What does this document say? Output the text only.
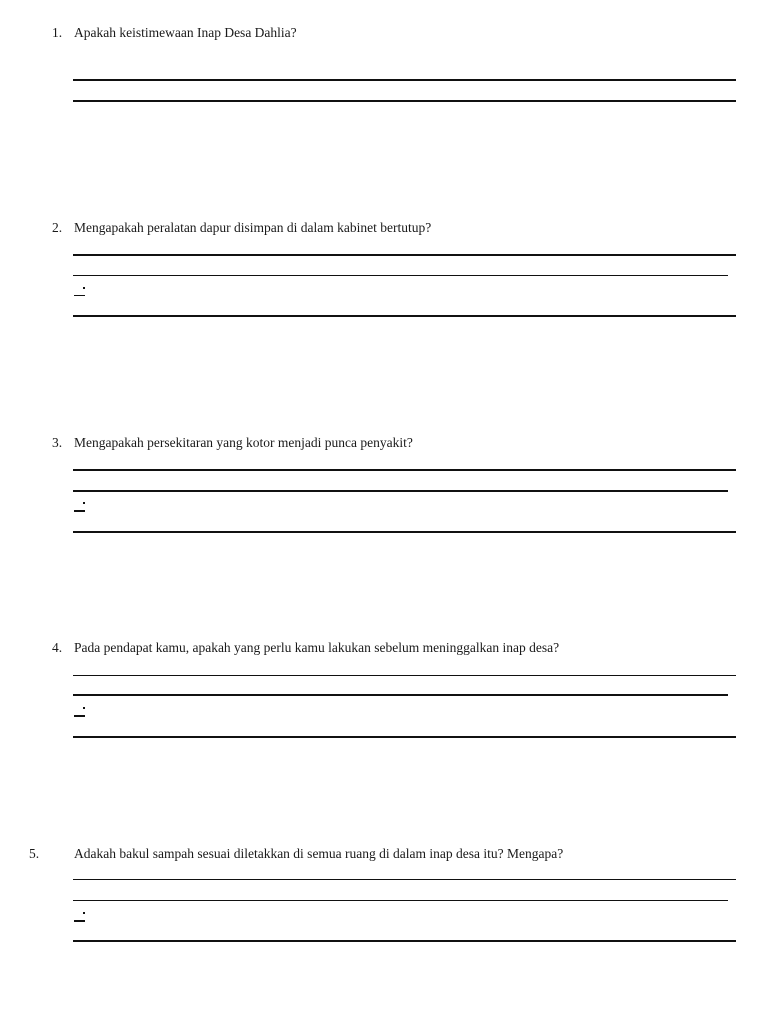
1. Apakah keistimewaan Inap Desa Dahlia?
2. Mengapakah peralatan dapur disimpan di dalam kabinet bertutup?
3. Mengapakah persekitaran yang kotor menjadi punca penyakit?
4. Pada pendapat kamu, apakah yang perlu kamu lakukan sebelum meninggalkan inap desa?
5.	Adakah bakul sampah sesuai diletakkan di semua ruang di dalam inap desa itu? Mengapa?
